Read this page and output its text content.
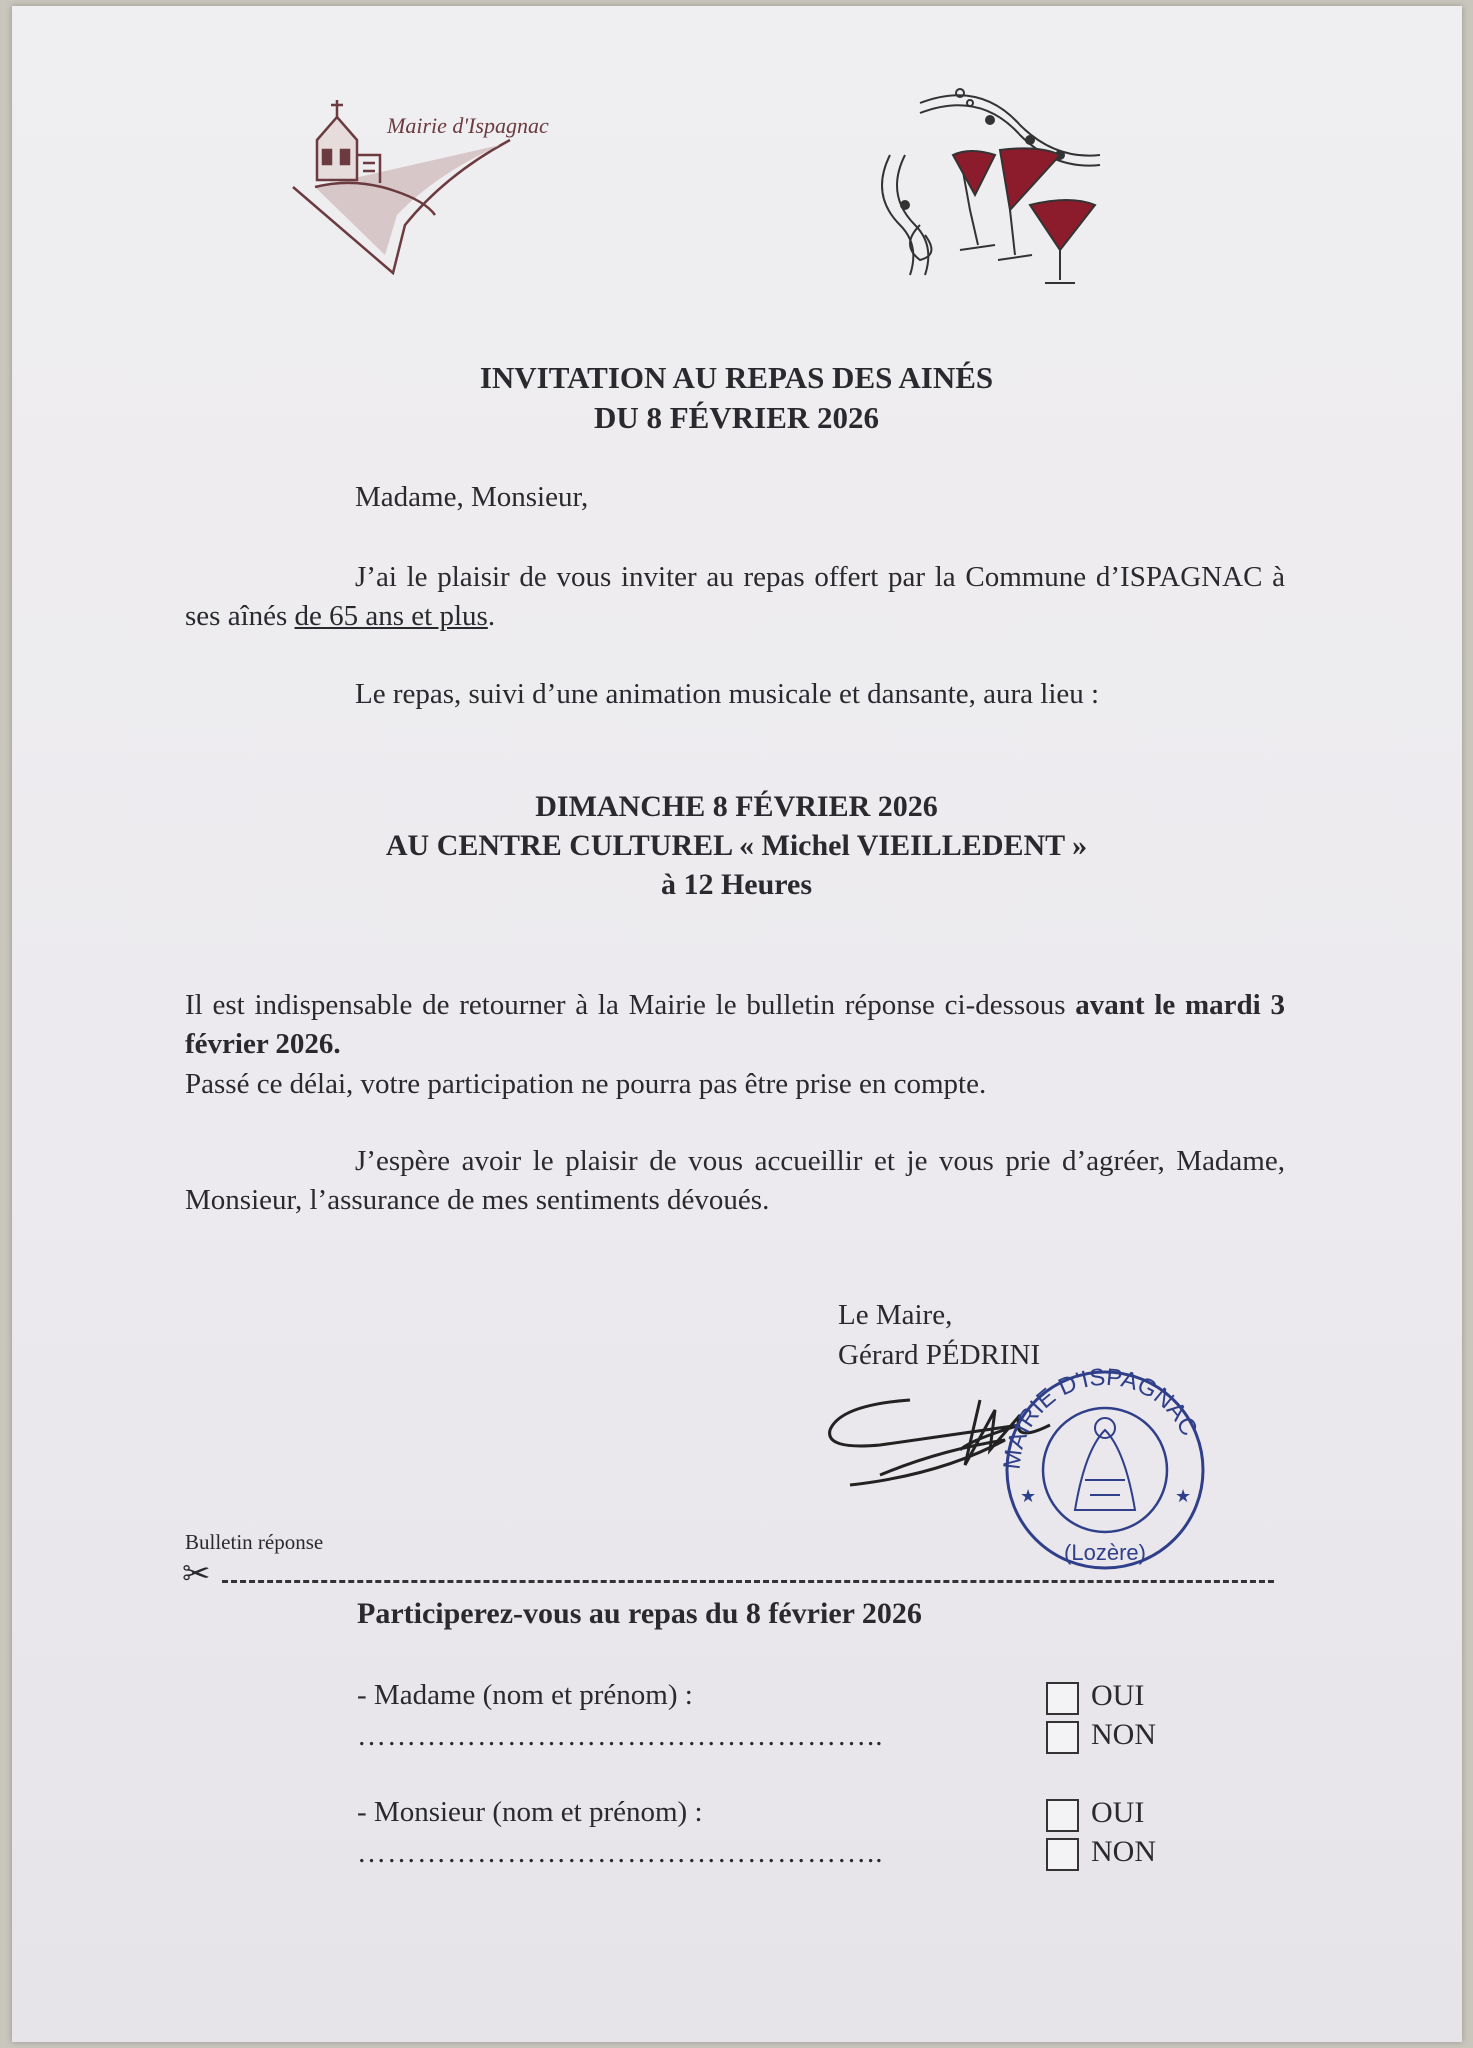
Mairie d'Ispagnac
INVITATION AU REPAS DES AINÉS
DU 8 FÉVRIER 2026
Madame, Monsieur,
J’ai le plaisir de vous inviter au repas offert par la Commune d’ISPAGNAC à ses aînés de 65 ans et plus.
Le repas, suivi d’une animation musicale et dansante, aura lieu :
DIMANCHE 8 FÉVRIER 2026
AU CENTRE CULTUREL « Michel VIEILLEDENT »
à 12 Heures
Il est indispensable de retourner à la Mairie le bulletin réponse ci-dessous avant le mardi 3 février 2026.
Passé ce délai, votre participation ne pourra pas être prise en compte.
J’espère avoir le plaisir de vous accueillir et je vous prie d’agréer, Madame, Monsieur, l’assurance de mes sentiments dévoués.
Le Maire,
Gérard PÉDRINI
MAIRIE D'ISPAGNAC
(Lozère)
★	★
Bulletin réponse
✂
Participerez-vous au repas du 8 février 2026
- Madame (nom et prénom) :
……………………………………………..
OUI
NON
- Monsieur (nom et prénom) :
……………………………………………..
OUI
NON
